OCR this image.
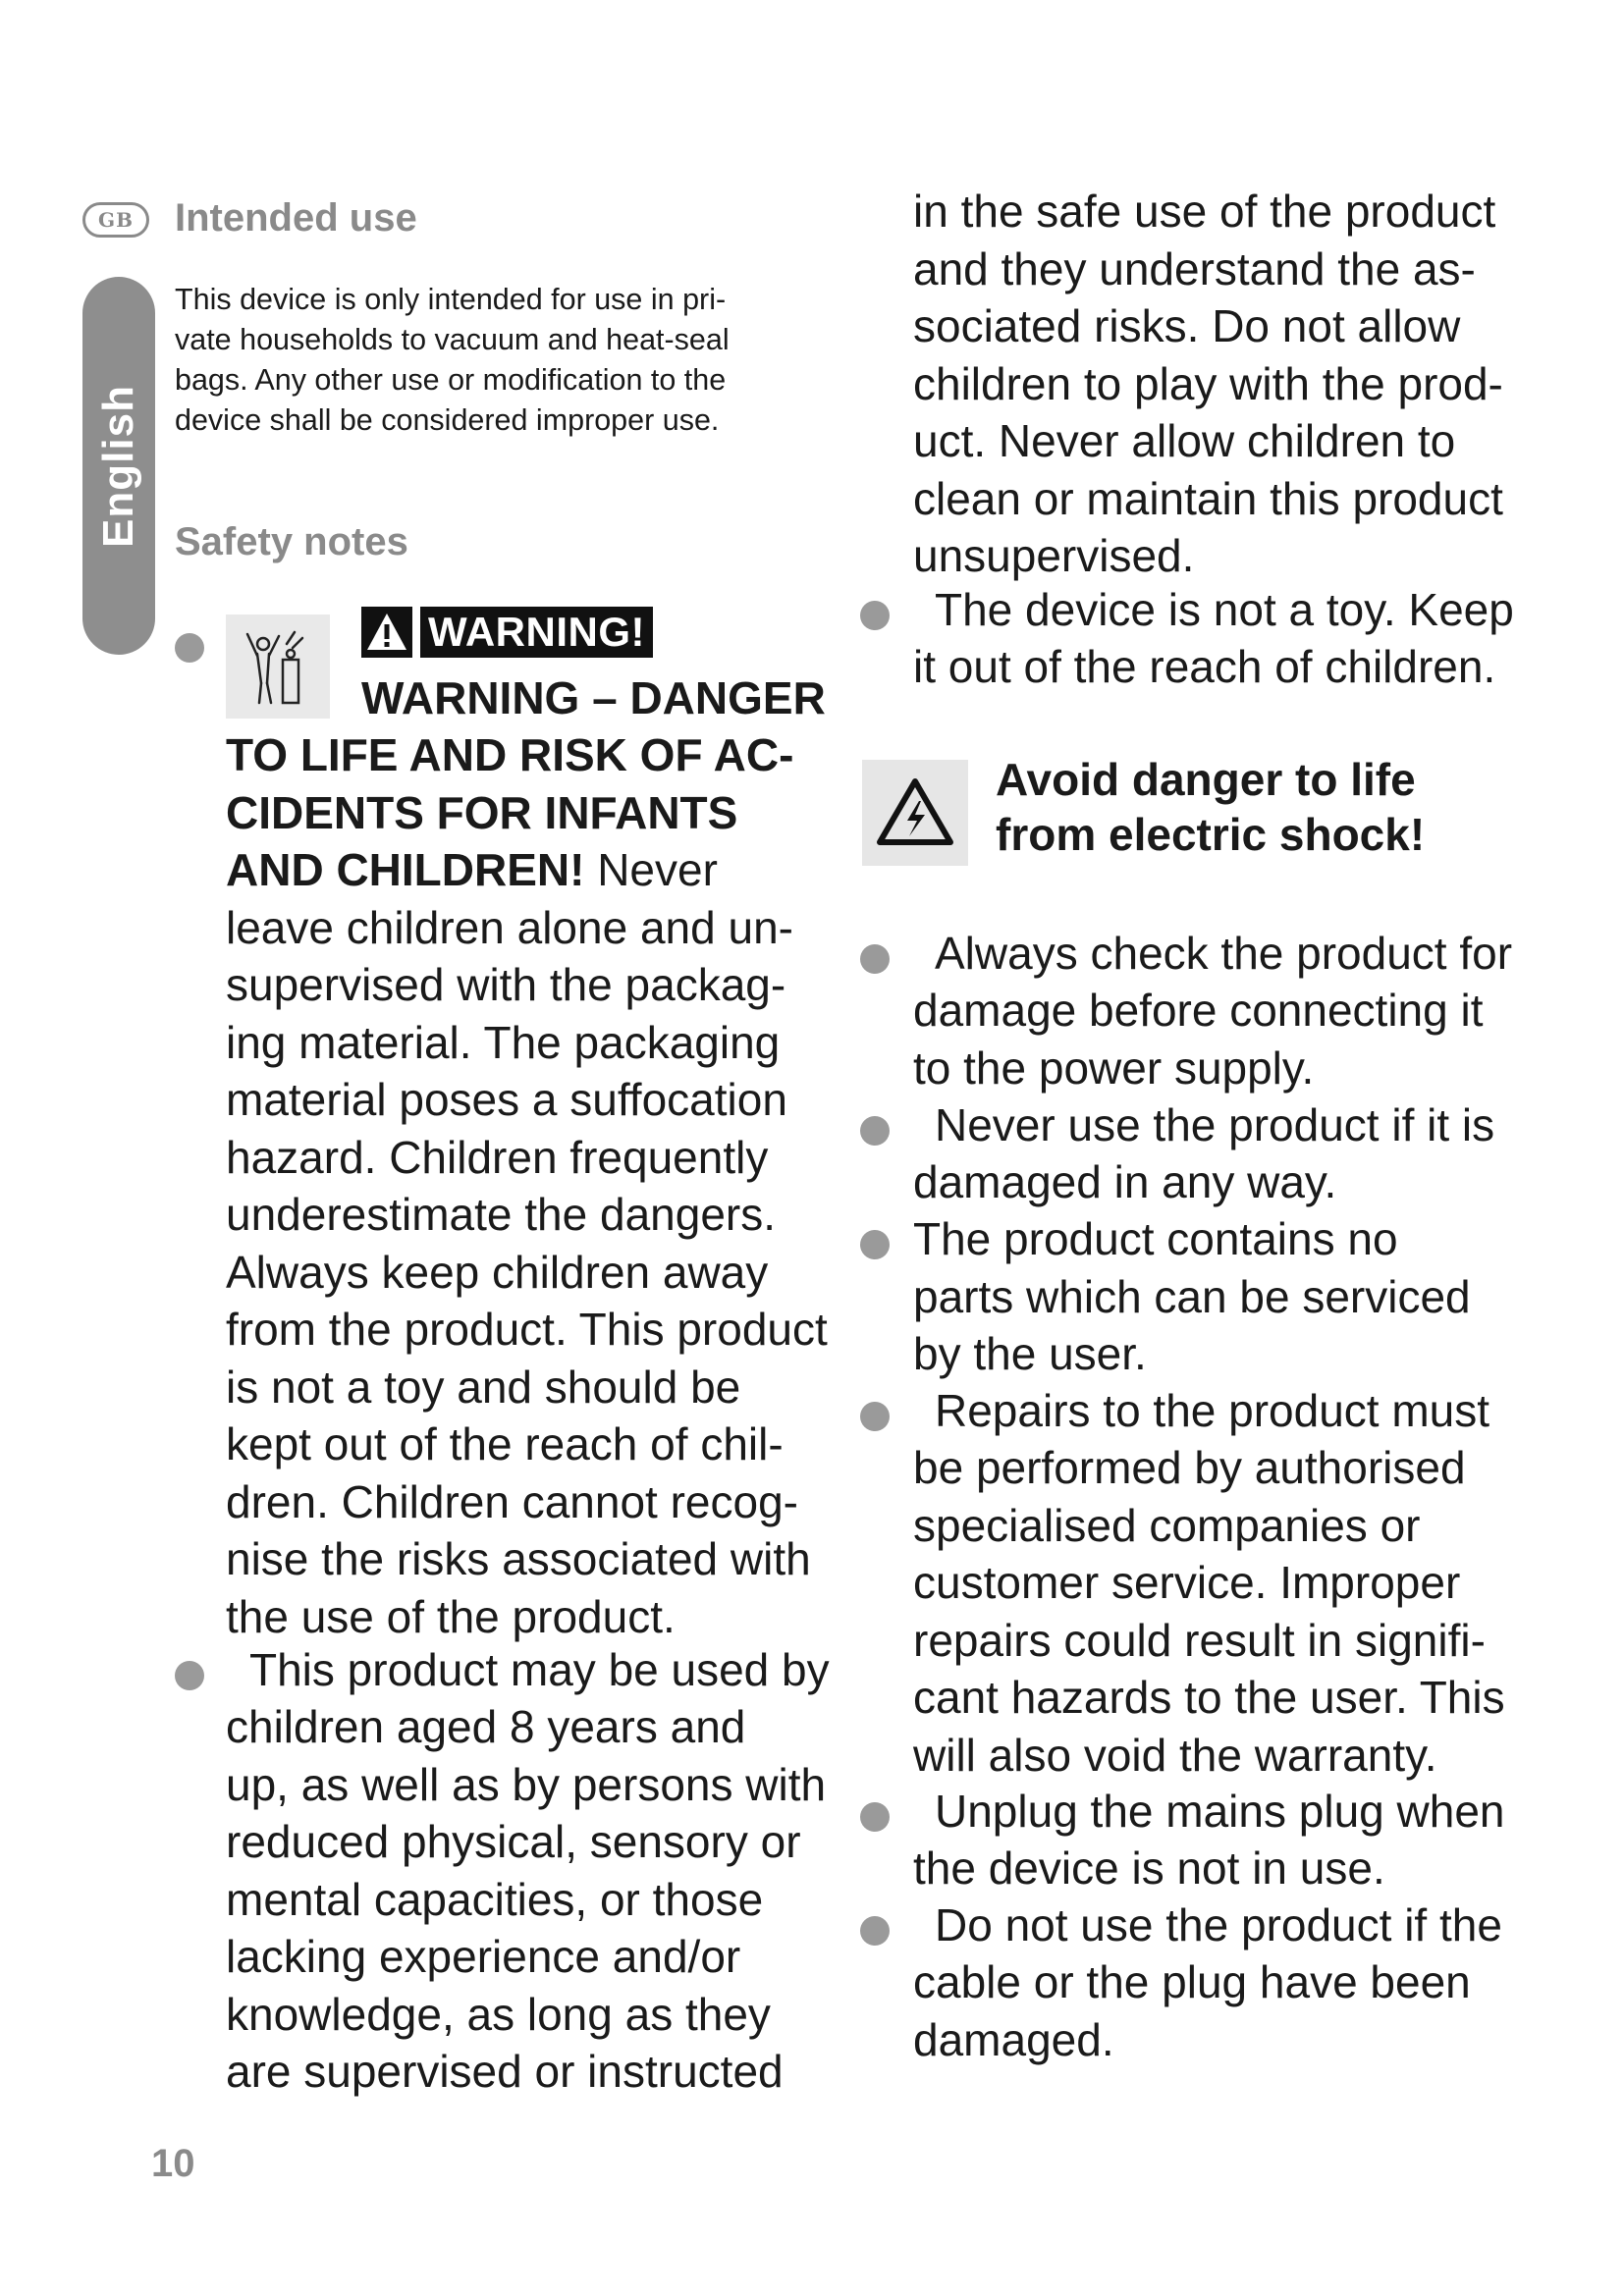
GB
English
Intended use
This device is only intended for use in pri-
vate households to vacuum and heat-seal
bags. Any other use or modification to the
device shall be considered improper use.
Safety notes
WARNING!
WARNING – DANGER
TO LIFE AND RISK OF AC-
CIDENTS FOR INFANTS
AND CHILDREN! Never
leave children alone and un-
supervised with the packag-
ing material. The packaging
material poses a suffocation
hazard. Children frequently
underestimate the dangers.
Always keep children away
from the product. This product
is not a toy and should be
kept out of the reach of chil-
dren. Children cannot recog-
nise the risks associated with
the use of the product.
This product may be used by
children aged 8 years and
up, as well as by persons with
reduced physical, sensory or
mental capacities, or those
lacking experience and/or
knowledge, as long as they
are supervised or instructed
in the safe use of the product
and they understand the as-
sociated risks. Do not allow
children to play with the prod-
uct. Never allow children to
clean or maintain this product
unsupervised.
The device is not a toy. Keep
it out of the reach of children.
Avoid danger to life
from electric shock!
Always check the product for
damage before connecting it
to the power supply.
Never use the product if it is
damaged in any way.
The product contains no
parts which can be serviced
by the user.
Repairs to the product must
be performed by authorised
specialised companies or
customer service. Improper
repairs could result in signifi-
cant hazards to the user. This
will also void the warranty.
Unplug the mains plug when
the device is not in use.
Do not use the product if the
cable or the plug have been
damaged.
10
